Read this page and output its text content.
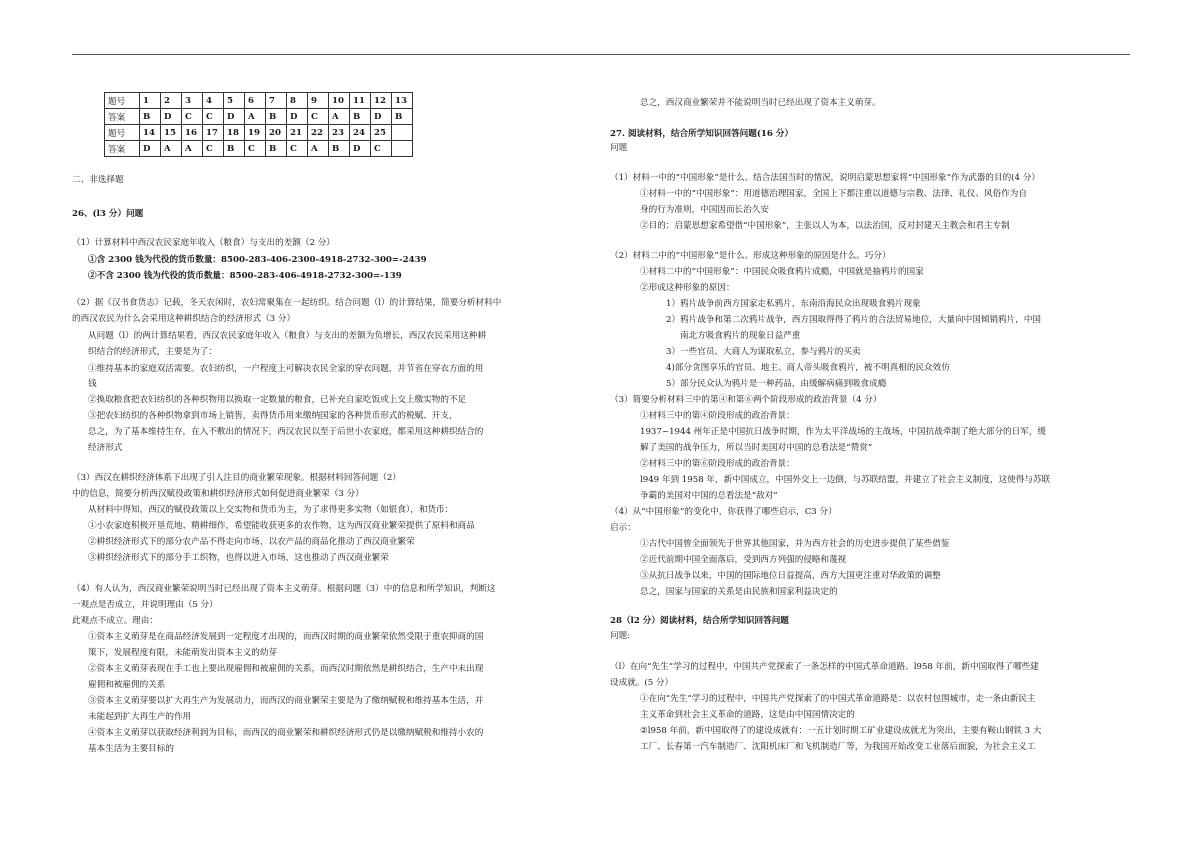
题号	1	2	3	4	5	6	7	8	9	10	11	12	13
答案	B	D	C	C	D	A	B	D	C	A	B	D	B
题号	14	15	16	17	18	19	20	21	22	23	24	25	
答案	D	A	A	C	B	C	B	C	A	B	D	C	
二、非选择题
26、(l3 分）问题
（1）计算材料中西汉农民家庭年收入（粮食）与支出的差额（2 分）
①含 2300 钱为代役的货币数量：8500-283-406-2300-4918-2732-300=-2439
②不含 2300 钱为代役的货币数量：8500-283-406-4918-2732-300=-139
（2）据《汉书食货志》记载，冬天农闲时，农妇常聚集在一起纺织。结合问题（l）的计算结果，简要分析材料中
的西汉农民为什么会采用这种耕织结合的经济形式（3 分）
从问题（l）的两计算结果看，西汉农民家庭年收入（粮食）与支出的差额为负增长，西汉农民采用这种耕
织结合的经济形式，主要是为了：
①维持基本的家庭双活需要。农妇纺织，一户程度上可解决农民全家的穿衣问题，并节省在穿衣方面的用
钱
②换取粮食把农妇纺织的各种织物用以换取一定数量的粮食，已补充自家吃饭或上交上缴实物的不足
③把农妇纺织的各种织物拿到市场上销售，卖得货币用来缴纳国家的各种货币形式的税赋、开支，
总之，为了基本维持生存，在入不敷出的情况下，西汉农民以至于后世小农家庭，都采用这种耕织结合的
经济形式
（3）西汉在耕织经济体系下出现了引人注目的商业繁荣现象。根据材料回答问题（2）
中的信息，简要分析西汉赋役政策和耕织经济形式如何促进商业繁荣（3 分）
从材料中得知，西汉的赋役政策以上交实物和货币为主，为了求得更多实物（如银食），和货币：
①小农家庭积极开垦荒地、精耕细作，希望能收获更多的农作物，这为西汉商业繁荣提供了原料和商品
②耕织经济形式下的部分农产品不得走向市场，以农产品的商品化推动了西汉商业繁荣
③耕织经济形式下的部分手工织物，也得以进入市场，这也推动了西汉商业繁荣
（4）有人认为，西汉商业繁荣说明当时已经出现了资本主义萌芽。根据问题（3）中的信息和所学知识，判断这
一观点是否成立，并说明理由（5 分）
此观点不成立。理由：
①资本主义萌芽是在商品经济发展到一定程度才出现的，而西汉时期的商业繁荣依然受限于重农抑商的国
策下，发展程度有限，未能萌发出资本主义的幼芽
②资本主义萌芽表现在手工也上要出现雇佣和被雇佣的关系，而西汉时期依然是耕织结合，生产中未出现
雇佣和被雇佣的关系
③资本主义萌芽要以扩大再生产为发展动力，而西汉的商业繁荣主要是为了缴纳赋税和维持基本生活，并
未能起到扩大再生产的作用
④资本主义萌芽以获取经济利润为目标，而西汉的商业繁荣和耕织经济形式仍是以缴纳赋税和维持小农的
基本生活为主要目标的
总之，西汉商业繁荣并不能说明当时已经出现了资本主义萌芽。
27. 阅读材料，结合所学知识回答问题(16 分）
问题
（1）材料一中的“中国形象”是什么。结合法国当时的情况，说明启蒙思想家将“中国形象”作为武器的目的(4 分）
①材料一中的“中国形象”：用道德治理国家，全国上下都注重以道德与宗教、法律、礼仪、风俗作为自
身的行为准则，中国因而长治久安
②目的：启蒙思想家希望借“中国形象”，主张以人为本，以法治国，反对封建天主教会和君主专制
（2）材料二中的“中国形象”是什么。形成这种形象的原因是什么。巧分）
①材料二中的“中国形象”：中国民众吸食鸦片成瘾，中国就是抽鸦片的国家
②形成这种形象的原因：
1）鸦片战争前西方国家走私鸦片，东南沿海民众出现吸食鸦片现象
2）鸦片战争和第二次鸦片战争，西方国取得得了鸦片的合法贸易地位，大量向中国倾销鸦片，中国
南北方吸食鸦片的现象日益严重
3）一些官员、大商人为谋取私立，参与鸦片的买卖
4)部分贪图享乐的官员、地主、商人帝头吸食鸦片，被不明真相的民众效仿
5）部分民众认为鸦片是一种药品，由缓解病痛到吸食成瘾
（3）简要分析材料三中的第④和第⑥两个阶段形成的政治背景（4 分）
①材料三中的第④阶段形成的政治背景：
1937~1944 州年正是中国抗日战争时期，作为太平洋战场的主战场，中国抗战牵制了绝大部分的日军，缓
解了美国的战争压力，所以当时美国对中国的总看法是“赞赏”
②材料三中的第⑥阶段形成的政治背景：
l949 年到 1958 年，新中国成立，中国外交上一边倒，与苏联结盟，并建立了社会主义制度，这使得与苏联
争霸的美国对中国的总看法是“敌对”
（4）从“中国形象”的变化中，你获得了哪些启示，C3 分）
启示：
①古代中国曾全面领先于世界其他国家，并为西方社会的历史进步提供了某些借鉴
②近代前期中国全面落后，受到西方列强的侵略和蔑视
③从抗日战争以来，中国的国际地位日益提高，西方大国更注重对华政策的调整
总之，国家与国家的关系是由民族和国家利益决定的
28（l2 分）阅读材料，结合所学知识回答问题
问题:
（l）在向“先生”学习的过程中，中国共产党探索了一条怎样的中国式革命道路。l958 年前，新中国取得了哪些建
设成就。(5 分）
①在向“先生”学习的过程中，中国共产党探索了的中国式革命道路是：以农村包围城市，走一条由新民主
主义革命到社会主义革命的道路，这是由中国国情决定的
②l958 年前，新中国取得了的建设成就有：一五计划时期工矿业建设成就尤为突出，主要有鞍山钢铁 3 大
工厂、长春第一汽车制造厂、沈阳机床厂和飞机制造厂等，为我国开始改变工业落后面貌，为社会主义工
